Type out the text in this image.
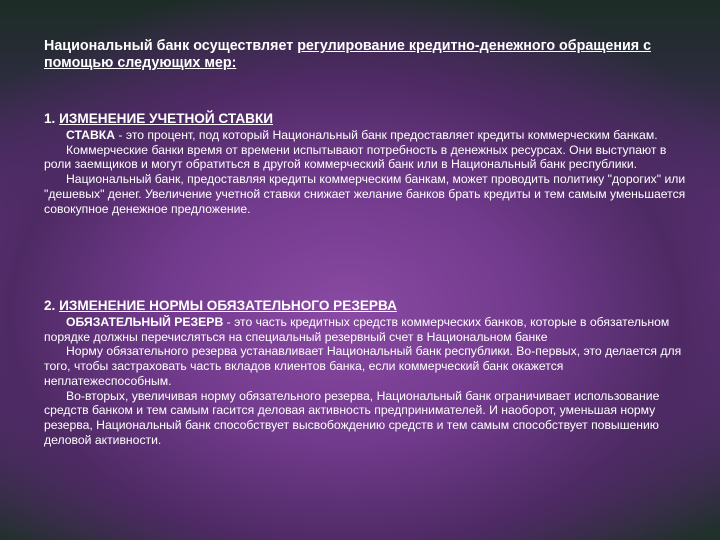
Национальный банк осуществляет регулирование кредитно-денежного обращения с помощью следующих мер:

1. ИЗМЕНЕНИЕ УЧЕТНОЙ СТАВКИ

СТАВКА - это процент, под который Национальный банк предоставляет кредиты коммерческим банкам.

Коммерческие банки время от времени испытывают потребность в денежных ресурсах. Они выступают в роли заемщиков и могут обратиться в другой коммерческий банк или в Национальный банк республики.

Национальный банк, предоставляя кредиты коммерческим банкам, может проводить политику "дорогих" или "дешевых" денег. Увеличение учетной ставки снижает желание банков брать кредиты и тем самым уменьшается совокупное денежное предложение.

2. ИЗМЕНЕНИЕ НОРМЫ ОБЯЗАТЕЛЬНОГО РЕЗЕРВА

ОБЯЗАТЕЛЬНЫЙ РЕЗЕРВ - это часть кредитных средств коммерческих банков, которые в обязательном порядке должны перечисляться на специальный резервный счет в Национальном банке

Норму обязательного резерва устанавливает Национальный банк республики. Во-первых, это делается для того, чтобы застраховать часть вкладов клиентов банка, если коммерческий банк окажется неплатежеспособным.

Во-вторых, увеличивая норму обязательного резерва, Национальный банк ограничивает использование средств банком и тем самым гасится деловая активность предпринимателей. И наоборот, уменьшая норму резерва, Национальный банк способствует высвобождению средств и тем самым способствует повышению деловой активности.
